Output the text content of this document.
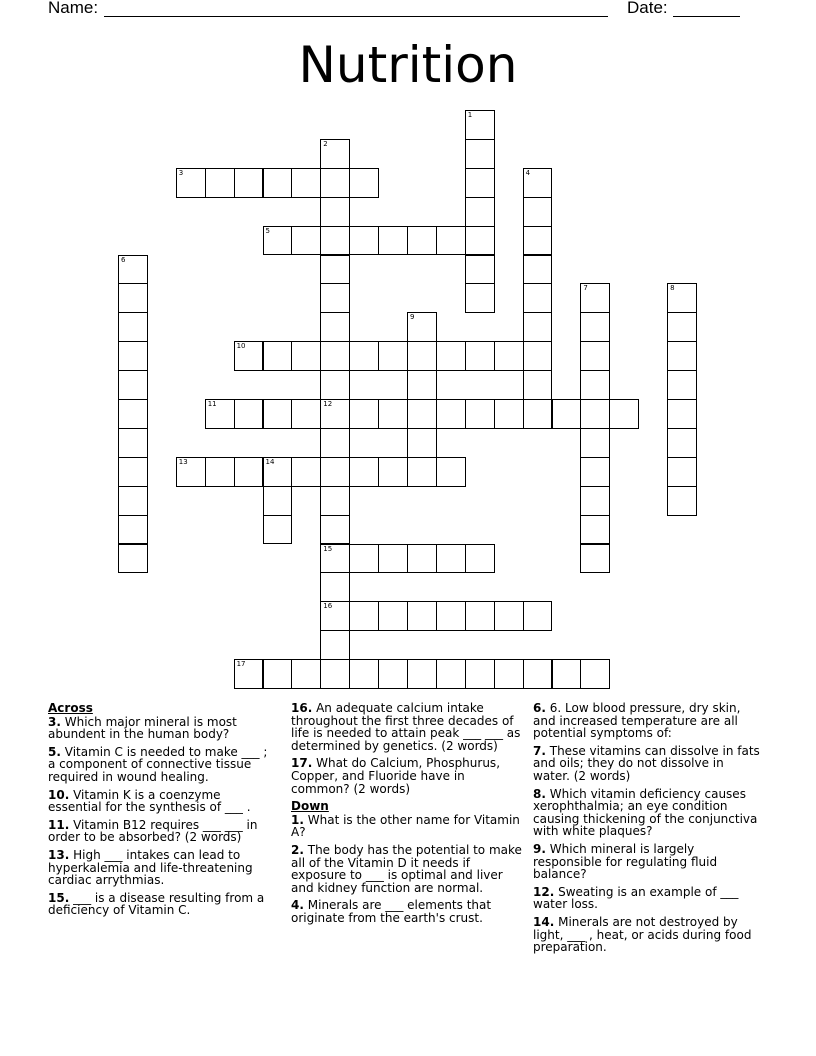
Name:	Date:
Nutrition
1
2
12
15
16
3	4
5
6
7	8
9
10
11
13	14
17
Across
3. Which major mineral is most abundent in the human body?
5. Vitamin C is needed to make ___ ; a component of connective tissue required in wound healing.
10. Vitamin K is a coenzyme essential for the synthesis of ___ .
11. Vitamin B12 requires ___ ___ in order to be absorbed? (2 words)
13. High ___ intakes can lead to hyperkalemia and life-threatening cardiac arrythmias.
15. ___ is a disease resulting from a deficiency of Vitamin C.
16. An adequate calcium intake throughout the first three decades of life is needed to attain peak ___ ___ as determined by genetics. (2 words)
17. What do Calcium, Phosphurus, Copper, and Fluoride have in common? (2 words)
Down
1. What is the other name for Vitamin A?
2. The body has the potential to make all of the Vitamin D it needs if exposure to ___ is optimal and liver and kidney function are normal.
4. Minerals are ___ elements that originate from the earth's crust.
6. 6. Low blood pressure, dry skin, and increased temperature are all potential symptoms of:
7. These vitamins can dissolve in fats and oils; they do not dissolve in water. (2 words)
8. Which vitamin deficiency causes xerophthalmia; an eye condition causing thickening of the conjunctiva with white plaques?
9. Which mineral is largely responsible for regulating fluid balance?
12. Sweating is an example of ___ water loss.
14. Minerals are not destroyed by light, ___ , heat, or acids during food preparation.
